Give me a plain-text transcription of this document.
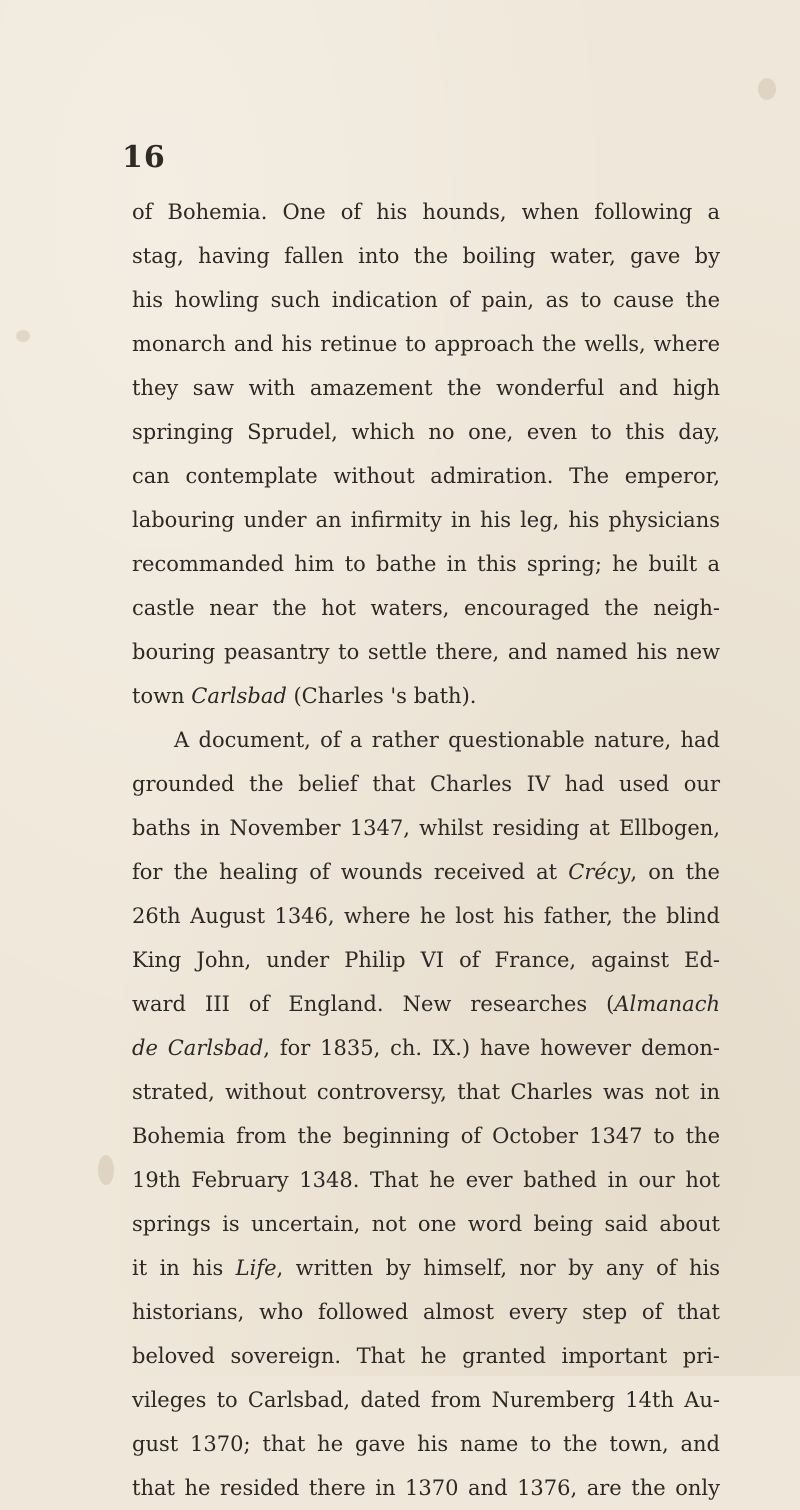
16
of Bohemia. One of his hounds, when following a
stag, having fallen into the boiling water, gave by
his howling such indication of pain, as to cause the
monarch and his retinue to approach the wells, where
they saw with amazement the wonderful and high
springing Sprudel, which no one, even to this day,
can contemplate without admiration. The emperor,
labouring under an infirmity in his leg, his physicians
recommanded him to bathe in this spring; he built a
castle near the hot waters, encouraged the neigh-
bouring peasantry to settle there, and named his new
town Carlsbad (Charles 's bath).
A document, of a rather questionable nature, had
grounded the belief that Charles IV had used our
baths in November 1347, whilst residing at Ellbogen,
for the healing of wounds received at Crécy, on the
26th August 1346, where he lost his father, the blind
King John, under Philip VI of France, against Ed-
ward III of England. New researches (Almanach
de Carlsbad, for 1835, ch. IX.) have however demon-
strated, without controversy, that Charles was not in
Bohemia from the beginning of October 1347 to the
19th February 1348. That he ever bathed in our hot
springs is uncertain, not one word being said about
it in his Life, written by himself, nor by any of his
historians, who followed almost every step of that
beloved sovereign. That he granted important pri-
vileges to Carlsbad, dated from Nuremberg 14th Au-
gust 1370; that he gave his name to the town, and
that he resided there in 1370 and 1376, are the only
